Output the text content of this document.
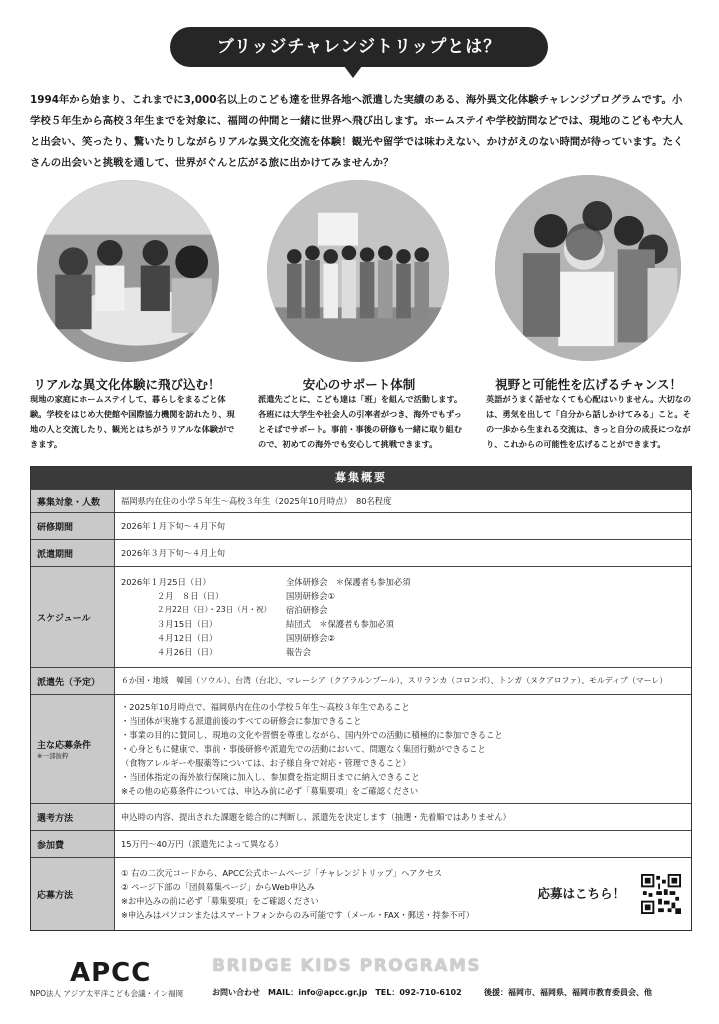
ブリッジチャレンジトリップとは？
1994年から始まり、これまでに3,000名以上のこども達を世界各地へ派遣した実績のある、海外異文化体験チャレンジプログラムです。小学校５年生から高校３年生までを対象に、福岡の仲間と一緒に世界へ飛び出します。ホームステイや学校訪問などでは、現地のこどもや大人と出会い、笑ったり、驚いたりしながらリアルな異文化交流を体験！観光や留学では味わえない、かけがえのない時間が待っています。たくさんの出会いと挑戦を通して、世界がぐんと広がる旅に出かけてみませんか？
リアルな異文化体験に飛び込む！
現地の家庭にホームステイして、暮らしをまるごと体験。学校をはじめ大使館や国際協力機関を訪れたり、現地の人と交流したり、観光とはちがうリアルな体験ができます。
安心のサポート体制
派遣先ごとに、こども達は「班」を組んで活動します。各班には大学生や社会人の引率者がつき、海外でもずっとそばでサポート。事前・事後の研修も一緒に取り組むので、初めての海外でも安心して挑戦できます。
視野と可能性を広げるチャンス！
英語がうまく話せなくても心配はいりません。大切なのは、勇気を出して「自分から話しかけてみる」こと。その一歩から生まれる交流は、きっと自分の成長につながり、これからの可能性を広げることができます。
募集概要
募集対象・人数	福岡県内在住の小学５年生〜高校３年生（2025年10月時点）　80名程度
研修期間	2026年１月下旬〜４月下旬
派遣期間	2026年３月下旬〜４月上旬
スケジュール
2026年１月25日（日）	全体研修会　＊保護者も参加必須
２月　８日（日）	国別研修会①
２月22日（日）・23日（月・祝）	宿泊研修会
３月15日（日）	結団式　＊保護者も参加必須
４月12日（日）	国別研修会②
４月26日（日）	報告会
派遣先（予定）	６か国・地域　韓国（ソウル）、台湾（台北）、マレーシア（クアラルンプール）、スリランカ（コロンボ）、トンガ（ヌクアロファ）、モルディブ（マーレ）
主な応募条件
※一部抜粋
・2025年10月時点で、福岡県内在住の小学校５年生〜高校３年生であること
・当団体が実施する派遣前後のすべての研修会に参加できること
・事業の目的に賛同し、現地の文化や習慣を尊重しながら、国内外での活動に積極的に参加できること
・心身ともに健康で、事前・事後研修や派遣先での活動において、問題なく集団行動ができること
（食物アレルギーや服薬等については、お子様自身で対応・管理できること）
・当団体指定の海外旅行保険に加入し、参加費を指定期日までに納入できること
※その他の応募条件については、申込み前に必ず「募集要項」をご確認ください
選考方法	申込時の内容、提出された課題を総合的に判断し、派遣先を決定します（抽選・先着順ではありません）
参加費	15万円〜40万円（派遣先によって異なる）
応募方法
① 右の二次元コードから、APCC公式ホームページ「チャレンジトリップ」へアクセス
② ページ下部の「団員募集ページ」からWeb申込み
※お申込みの前に必ず「募集要項」をご確認ください
※申込みはパソコンまたはスマートフォンからのみ可能です（メール・FAX・郵送・持参不可）
応募はこちら！
APCC
NPO法人 アジア太平洋こども会議・イン福岡
BRIDGE KIDS PROGRAMS
お問い合わせ　MAIL：info@apcc.gr.jp　TEL：092-710-6102	後援：福岡市、福岡県、福岡市教育委員会、他
